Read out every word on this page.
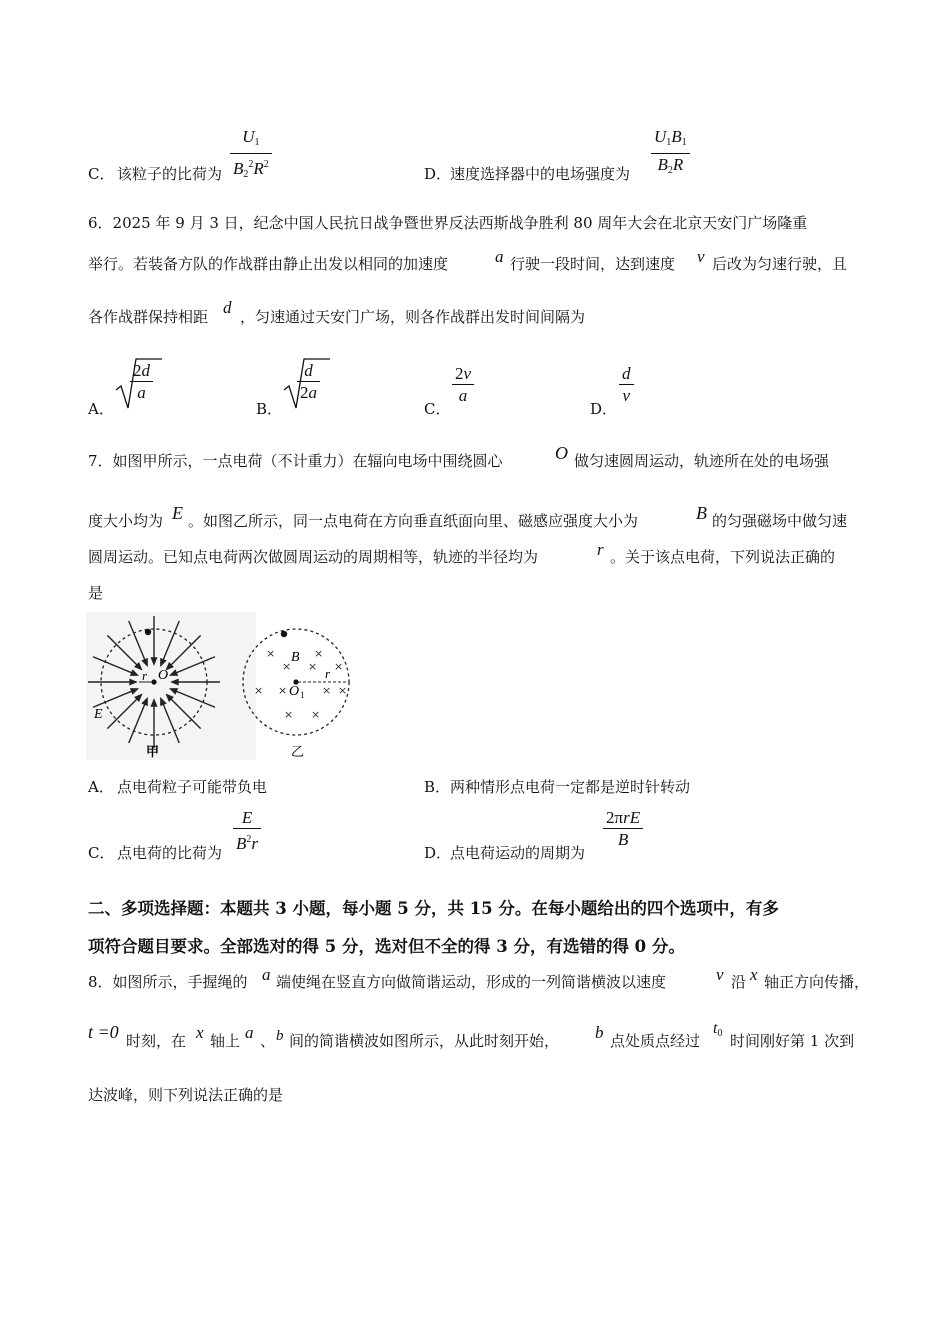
C． 该粒子的比荷为
$U_1$
$B_2^2R^2$
D．
速度选择器中的电场强度为
$U_1B_1$
$B_2R$
6．2025 年 9 月 3 日，纪念中国人民抗日战争暨世界反法西斯战争胜利 80 周年大会在北京天安门广场隆重
举行。若装备方队的作战群由静止出发以相同的加速度	a 行驶一段时间，达到速度 v 后改为匀速行驶，且
各作战群保持相距 d ，匀速通过天安门广场，则各作战群出发时间间隔为
A．
2d
a
B．
d
2a
C．
2v
a
D．
d
v
7．如图甲所示，一点电荷（不计重力）在辐向电场中围绕圆心	O 做匀速圆周运动，轨迹所在处的电场强
度大小均为 E 。如图乙所示，同一点电荷在方向垂直纸面向里、磁感应强度大小为	B 的匀强磁场中做匀速
圆周运动。已知点电荷两次做圆周运动的周期相等，轨迹的半径均为	r 。关于该点电荷，下列说法正确的
是
r O
E
甲
×	×
× × ×
× ×	× ×
× ×
B
O 1
r
乙
A． 点电荷粒子可能带负电	B． 两种情形点电荷一定都是逆时针转动
C． 点电荷的比荷为
E
$B^2r$	D．
点电荷运动的周期为
2πrE
B
二、多项选择题：本题共 3 小题，每小题 5 分，共 15 分。在每小题给出的四个选项中，有多
项符合题目要求。全部选对的得 5 分，选对但不全的得 3 分，有选错的得 0 分。
8．如图所示，手握绳的 a 端使绳在竖直方向做简谐运动，形成的一列简谐横波以速度	v 沿 x 轴正方向传播，
t =0 时刻，在 x 轴上 a 、 b 间的简谐横波如图所示，从此时刻开始， b 点处质点经过
$t_0$ 时间刚好第 1 次到
达波峰，则下列说法正确的是
